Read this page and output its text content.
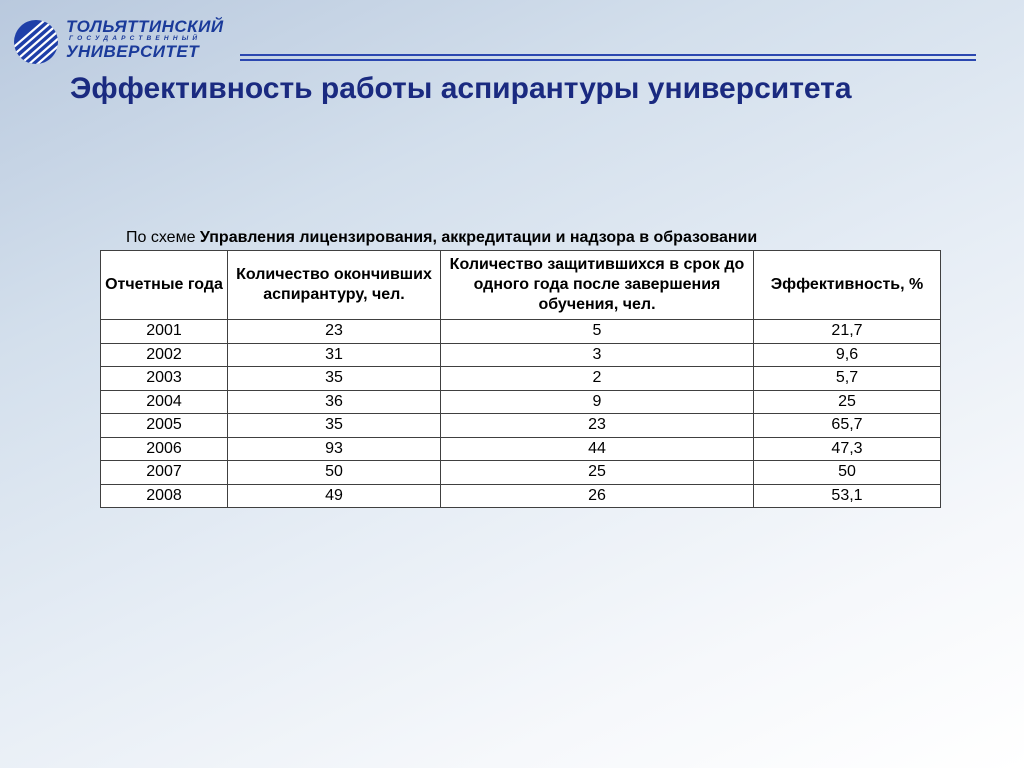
ТОЛЬЯТТИНСКИЙ
ГОСУДАРСТВЕННЫЙ
УНИВЕРСИТЕТ
Эффективность работы аспирантуры университета
По схеме Управления лицензирования, аккредитации и надзора в образовании
Отчетные года	Количество окончивших аспирантуру, чел.	Количество защитившихся в срок до одного года после завершения обучения, чел.	Эффективность, %
2001	23	5	21,7
2002	31	3	9,6
2003	35	2	5,7
2004	36	9	25
2005	35	23	65,7
2006	93	44	47,3
2007	50	25	50
2008	49	26	53,1
